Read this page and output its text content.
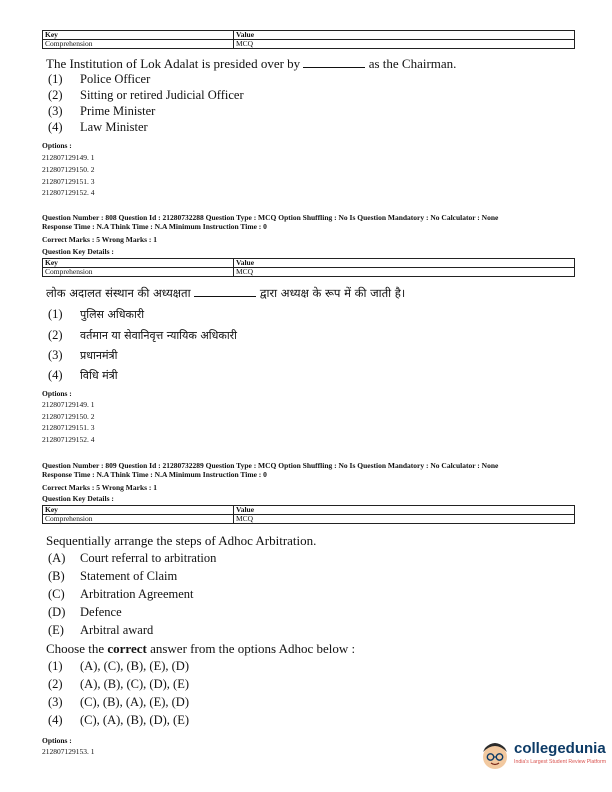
Key	Value
Comprehension	MCQ
The Institution of Lok Adalat is presided over by	as the Chairman.
(1) Police Officer
(2) Sitting or retired Judicial Officer
(3) Prime Minister
(4) Law Minister
Options :
212807129149. 1
212807129150. 2
212807129151. 3
212807129152. 4
Question Number : 808 Question Id : 21280732288 Question Type : MCQ Option Shuffling : No Is Question Mandatory : No Calculator : None
Response Time : N.A Think Time : N.A Minimum Instruction Time : 0
Correct Marks : 5 Wrong Marks : 1
Question Key Details :
Key	Value
Comprehension	MCQ
लोक अदालत संस्थान की अध्यक्षता	द्वारा अध्यक्ष के रूप में की जाती है।
(1) पुलिस अधिकारी
(2) वर्तमान या सेवानिवृत्त न्यायिक अधिकारी
(3) प्रधानमंत्री
(4) विधि मंत्री
Options :
212807129149. 1
212807129150. 2
212807129151. 3
212807129152. 4
Question Number : 809 Question Id : 21280732289 Question Type : MCQ Option Shuffling : No Is Question Mandatory : No Calculator : None
Response Time : N.A Think Time : N.A Minimum Instruction Time : 0
Correct Marks : 5 Wrong Marks : 1
Question Key Details :
Key	Value
Comprehension	MCQ
Sequentially arrange the steps of Adhoc Arbitration.
(A) Court referral to arbitration
(B) Statement of Claim
(C) Arbitration Agreement
(D) Defence
(E) Arbitral award
Choose the correct answer from the options Adhoc below :
(1) (A), (C), (B), (E), (D)
(2) (A), (B), (C), (D), (E)
(3) (C), (B), (A), (E), (D)
(4) (C), (A), (B), (D), (E)
Options :
212807129153. 1	collegedunia
India's Largest Student Review Platform
